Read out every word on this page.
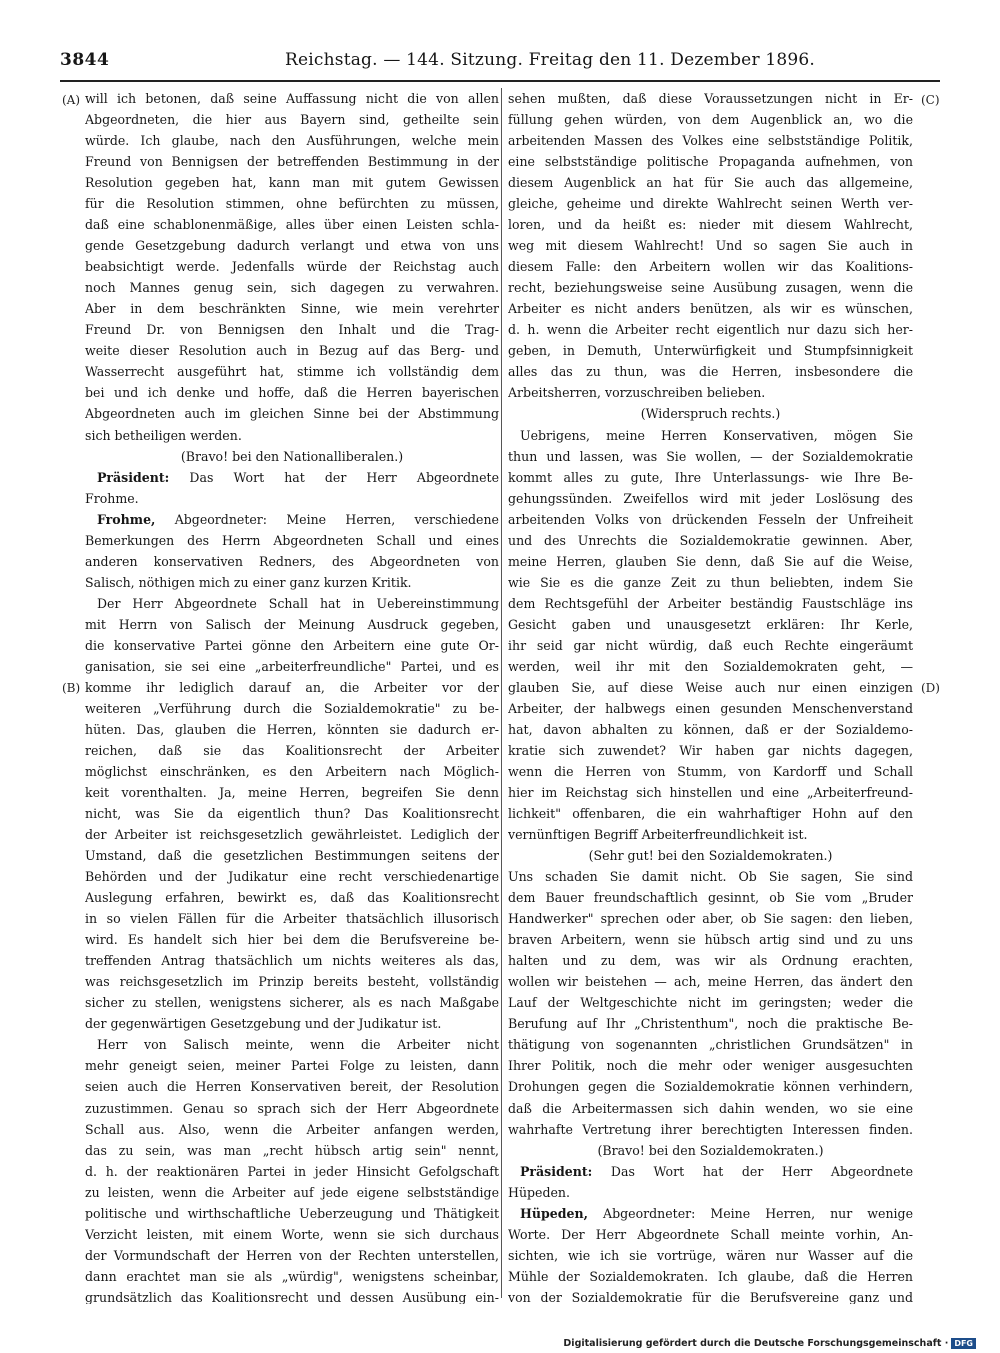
3844	Reichstag. — 144. Sitzung. Freitag den 11. Dezember 1896.
(A)
(B)
(C)
(D)
will ich betonen, daß seine Auffassung nicht die von allen
Abgeordneten, die hier aus Bayern sind, getheilte sein
würde. Ich glaube, nach den Ausführungen, welche mein
Freund von Bennigsen der betreffenden Bestimmung in der
Resolution gegeben hat, kann man mit gutem Gewissen
für die Resolution stimmen, ohne befürchten zu müssen,
daß eine schablonenmäßige, alles über einen Leisten schla-
gende Gesetzgebung dadurch verlangt und etwa von uns
beabsichtigt werde. Jedenfalls würde der Reichstag auch
noch Mannes genug sein, sich dagegen zu verwahren.
Aber in dem beschränkten Sinne, wie mein verehrter
Freund Dr. von Bennigsen den Inhalt und die Trag-
weite dieser Resolution auch in Bezug auf das Berg- und
Wasserrecht ausgeführt hat, stimme ich vollständig dem
bei und ich denke und hoffe, daß die Herren bayerischen
Abgeordneten auch im gleichen Sinne bei der Abstimmung
sich betheiligen werden.
(Bravo! bei den Nationalliberalen.)
Präsident: Das Wort hat der Herr Abgeordnete
Frohme.
Frohme, Abgeordneter: Meine Herren, verschiedene
Bemerkungen des Herrn Abgeordneten Schall und eines
anderen konservativen Redners, des Abgeordneten von
Salisch, nöthigen mich zu einer ganz kurzen Kritik.
Der Herr Abgeordnete Schall hat in Uebereinstimmung
mit Herrn von Salisch der Meinung Ausdruck gegeben,
die konservative Partei gönne den Arbeitern eine gute Or-
ganisation, sie sei eine „arbeiterfreundliche" Partei, und es
komme ihr lediglich darauf an, die Arbeiter vor der
weiteren „Verführung durch die Sozialdemokratie" zu be-
hüten. Das, glauben die Herren, könnten sie dadurch er-
reichen, daß sie das Koalitionsrecht der Arbeiter
möglichst einschränken, es den Arbeitern nach Möglich-
keit vorenthalten. Ja, meine Herren, begreifen Sie denn
nicht, was Sie da eigentlich thun? Das Koalitionsrecht
der Arbeiter ist reichsgesetzlich gewährleistet. Lediglich der
Umstand, daß die gesetzlichen Bestimmungen seitens der
Behörden und der Judikatur eine recht verschiedenartige
Auslegung erfahren, bewirkt es, daß das Koalitionsrecht
in so vielen Fällen für die Arbeiter thatsächlich illusorisch
wird. Es handelt sich hier bei dem die Berufsvereine be-
treffenden Antrag thatsächlich um nichts weiteres als das,
was reichsgesetzlich im Prinzip bereits besteht, vollständig
sicher zu stellen, wenigstens sicherer, als es nach Maßgabe
der gegenwärtigen Gesetzgebung und der Judikatur ist.
Herr von Salisch meinte, wenn die Arbeiter nicht
mehr geneigt seien, meiner Partei Folge zu leisten, dann
seien auch die Herren Konservativen bereit, der Resolution
zuzustimmen. Genau so sprach sich der Herr Abgeordnete
Schall aus. Also, wenn die Arbeiter anfangen werden,
das zu sein, was man „recht hübsch artig sein" nennt,
d. h. der reaktionären Partei in jeder Hinsicht Gefolgschaft
zu leisten, wenn die Arbeiter auf jede eigene selbstständige
politische und wirthschaftliche Ueberzeugung und Thätigkeit
Verzicht leisten, mit einem Worte, wenn sie sich durchaus
der Vormundschaft der Herren von der Rechten unterstellen,
dann erachtet man sie als „würdig", wenigstens scheinbar,
grundsätzlich das Koalitionsrecht und dessen Ausübung ein-
sehen mußten, daß diese Voraussetzungen nicht in Er-
füllung gehen würden, von dem Augenblick an, wo die
arbeitenden Massen des Volkes eine selbstständige Politik,
eine selbstständige politische Propaganda aufnehmen, von
diesem Augenblick an hat für Sie auch das allgemeine,
gleiche, geheime und direkte Wahlrecht seinen Werth ver-
loren, und da heißt es: nieder mit diesem Wahlrecht,
weg mit diesem Wahlrecht! Und so sagen Sie auch in
diesem Falle: den Arbeitern wollen wir das Koalitions-
recht, beziehungsweise seine Ausübung zusagen, wenn die
Arbeiter es nicht anders benützen, als wir es wünschen,
d. h. wenn die Arbeiter recht eigentlich nur dazu sich her-
geben, in Demuth, Unterwürfigkeit und Stumpfsinnigkeit
alles das zu thun, was die Herren, insbesondere die
Arbeitsherren, vorzuschreiben belieben.
(Widerspruch rechts.)
Uebrigens, meine Herren Konservativen, mögen Sie
thun und lassen, was Sie wollen, — der Sozialdemokratie
kommt alles zu gute, Ihre Unterlassungs- wie Ihre Be-
gehungssünden. Zweifellos wird mit jeder Loslösung des
arbeitenden Volks von drückenden Fesseln der Unfreiheit
und des Unrechts die Sozialdemokratie gewinnen. Aber,
meine Herren, glauben Sie denn, daß Sie auf die Weise,
wie Sie es die ganze Zeit zu thun beliebten, indem Sie
dem Rechtsgefühl der Arbeiter beständig Faustschläge ins
Gesicht gaben und unausgesetzt erklären: Ihr Kerle,
ihr seid gar nicht würdig, daß euch Rechte eingeräumt
werden, weil ihr mit den Sozialdemokraten geht, —
glauben Sie, auf diese Weise auch nur einen einzigen
Arbeiter, der halbwegs einen gesunden Menschenverstand
hat, davon abhalten zu können, daß er der Sozialdemo-
kratie sich zuwendet? Wir haben gar nichts dagegen,
wenn die Herren von Stumm, von Kardorff und Schall
hier im Reichstag sich hinstellen und eine „Arbeiterfreund-
lichkeit" offenbaren, die ein wahrhaftiger Hohn auf den
vernünftigen Begriff Arbeiterfreundlichkeit ist.
(Sehr gut! bei den Sozialdemokraten.)
Uns schaden Sie damit nicht. Ob Sie sagen, Sie sind
dem Bauer freundschaftlich gesinnt, ob Sie vom „Bruder
Handwerker" sprechen oder aber, ob Sie sagen: den lieben,
braven Arbeitern, wenn sie hübsch artig sind und zu uns
halten und zu dem, was wir als Ordnung erachten,
wollen wir beistehen — ach, meine Herren, das ändert den
Lauf der Weltgeschichte nicht im geringsten; weder die
Berufung auf Ihr „Christenthum", noch die praktische Be-
thätigung von sogenannten „christlichen Grundsätzen" in
Ihrer Politik, noch die mehr oder weniger ausgesuchten
Drohungen gegen die Sozialdemokratie können verhindern,
daß die Arbeitermassen sich dahin wenden, wo sie eine
wahrhafte Vertretung ihrer berechtigten Interessen finden.
(Bravo! bei den Sozialdemokraten.)
Präsident: Das Wort hat der Herr Abgeordnete
Hüpeden.
Hüpeden, Abgeordneter: Meine Herren, nur wenige
Worte. Der Herr Abgeordnete Schall meinte vorhin, An-
sichten, wie ich sie vortrüge, wären nur Wasser auf die
Mühle der Sozialdemokraten. Ich glaube, daß die Herren
von der Sozialdemokratie für die Berufsvereine ganz und
Digitalisierung gefördert durch die Deutsche Forschungsgemeinschaft · DFG
